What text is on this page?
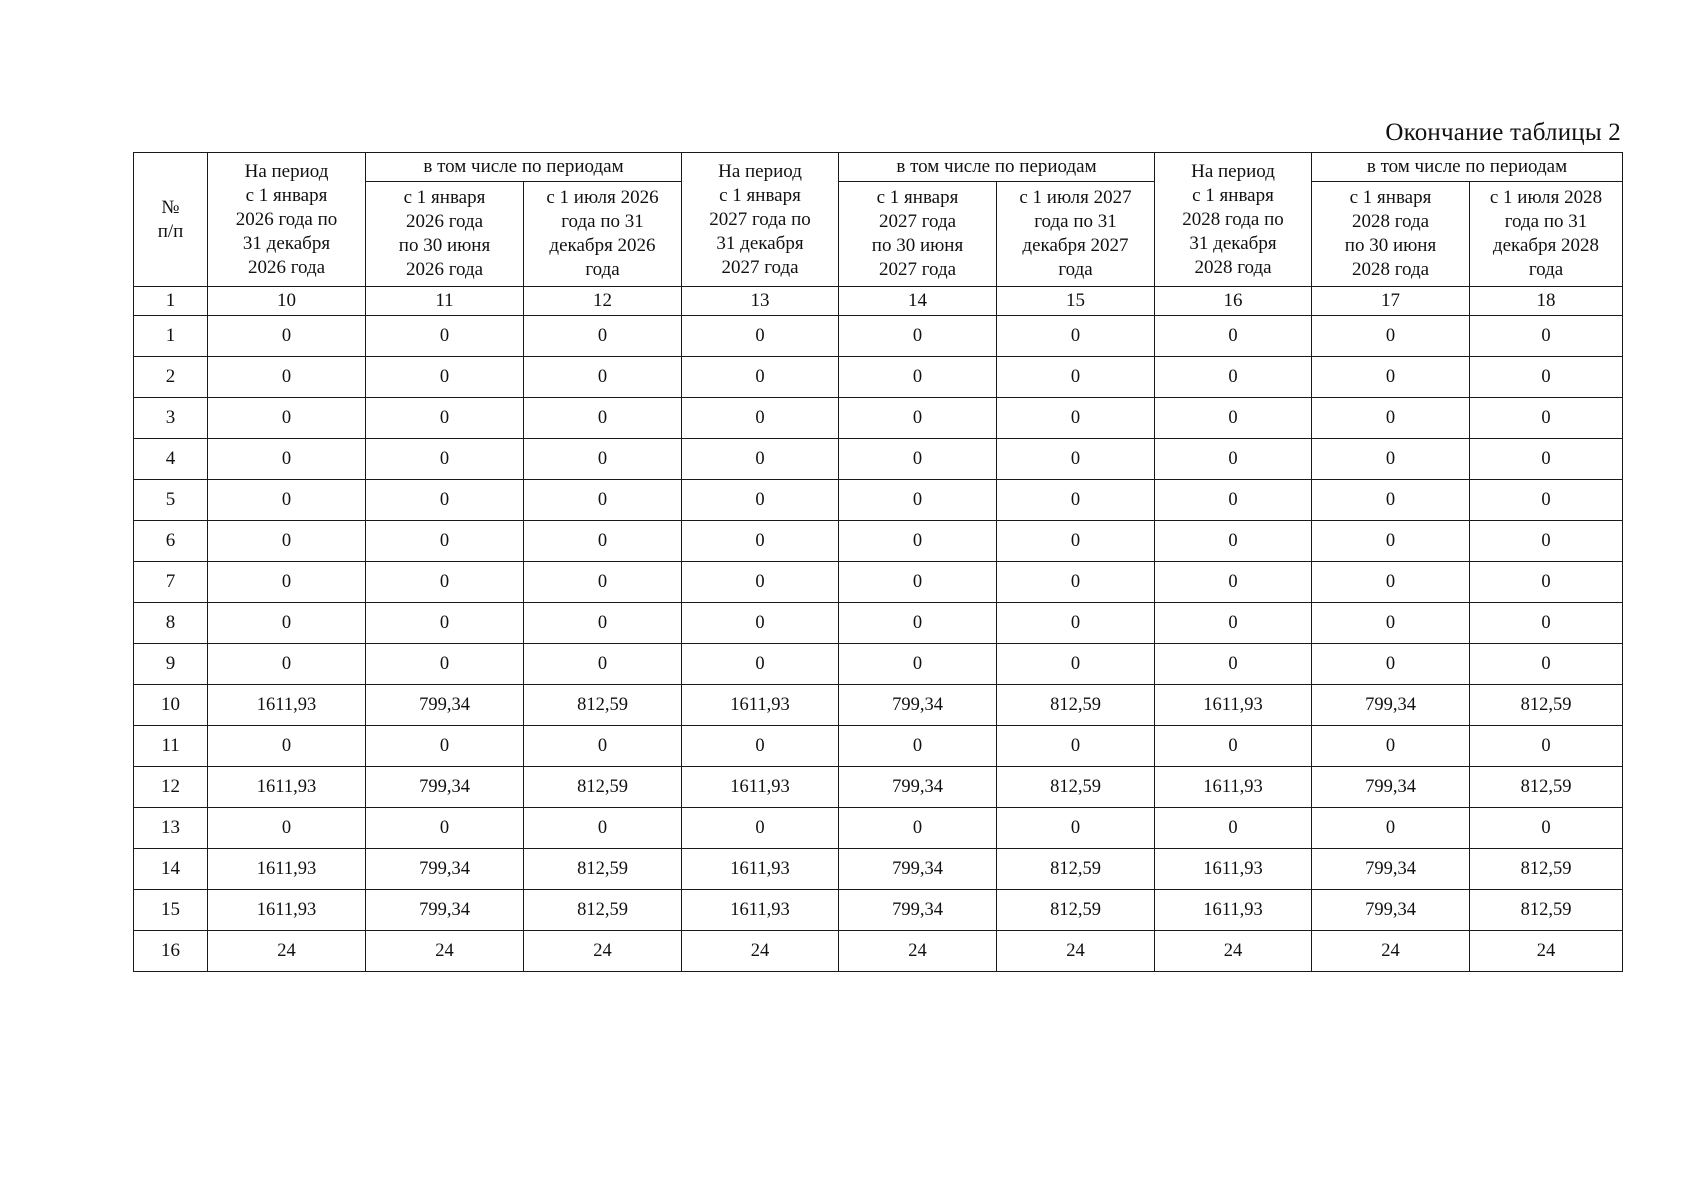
Окончание таблицы 2
№
п/п	На период
с 1 января
2026 года по
31 декабря
2026 года	в том числе по периодам		На период
с 1 января
2027 года по
31 декабря
2027 года	в том числе по периодам		На период
с 1 января
2028 года по
31 декабря
2028 года	в том числе по периодам	
		с 1 января
2026 года
по 30 июня
2026 года	с 1 июля 2026
года по 31
декабря 2026
года		с 1 января
2027 года
по 30 июня
2027 года	с 1 июля 2027
года по 31
декабря 2027
года		с 1 января
2028 года
по 30 июня
2028 года	с 1 июля 2028
года по 31
декабря 2028
года
1	10	11	12	13	14	15	16	17	18
1	0	0	0	0	0	0	0	0	0
2	0	0	0	0	0	0	0	0	0
3	0	0	0	0	0	0	0	0	0
4	0	0	0	0	0	0	0	0	0
5	0	0	0	0	0	0	0	0	0
6	0	0	0	0	0	0	0	0	0
7	0	0	0	0	0	0	0	0	0
8	0	0	0	0	0	0	0	0	0
9	0	0	0	0	0	0	0	0	0
10	1611,93	799,34	812,59	1611,93	799,34	812,59	1611,93	799,34	812,59
11	0	0	0	0	0	0	0	0	0
12	1611,93	799,34	812,59	1611,93	799,34	812,59	1611,93	799,34	812,59
13	0	0	0	0	0	0	0	0	0
14	1611,93	799,34	812,59	1611,93	799,34	812,59	1611,93	799,34	812,59
15	1611,93	799,34	812,59	1611,93	799,34	812,59	1611,93	799,34	812,59
16	24	24	24	24	24	24	24	24	24
